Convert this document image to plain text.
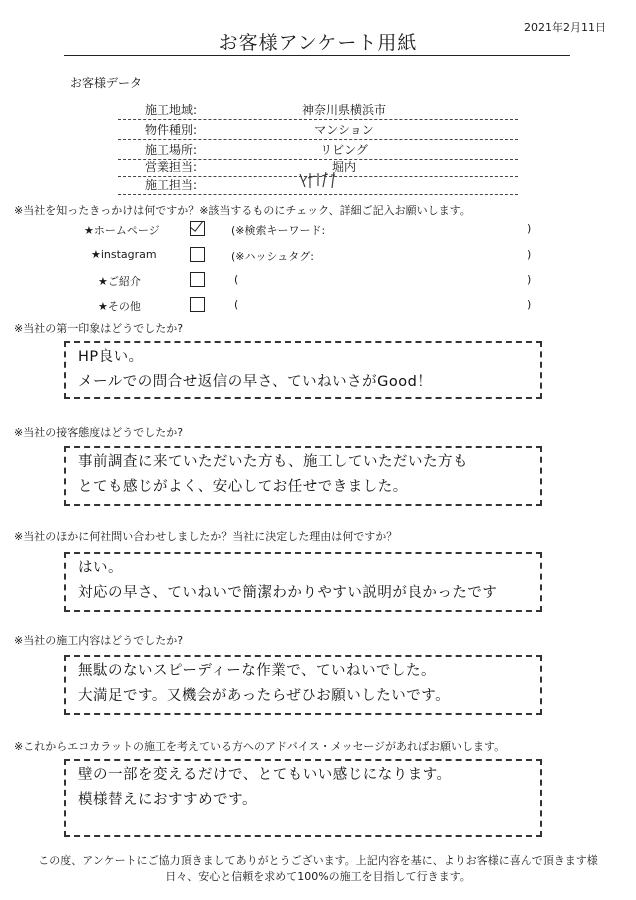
2021年2月11日
お客様アンケート用紙
お客様データ
施工地域:	神奈川県横浜市
物件種別:	マンション
施工場所:	リビング
営業担当:	堀内
施工担当:
※当社を知ったきっかけは何ですか？※該当するものにチェック、詳細ご記入お願いします。
★ホームページ	(※検索キーワード:	)
★instagram	(※ハッシュタグ:	)
★ご紹介	(	)
★その他	(	)
※当社の第一印象はどうでしたか?
HP良い。
メールでの問合せ返信の早さ、ていねいさがGood！
※当社の接客態度はどうでしたか?
事前調査に来ていただいた方も、施工していただいた方も
とても感じがよく、安心してお任せできました。
※当社のほかに何社問い合わせしましたか？当社に決定した理由は何ですか？
はい。
対応の早さ、ていねいで簡潔わかりやすい説明が良かったです
※当社の施工内容はどうでしたか?
無駄のないスピーディーな作業で、ていねいでした。
大満足です。又機会があったらぜひお願いしたいです。
※これからエコカラットの施工を考えている方へのアドバイス・メッセージがあればお願いします。
壁の一部を変えるだけで、とてもいい感じになります。
模様替えにおすすめです。
この度、アンケートにご協力頂きましてありがとうございます。上記内容を基に、よりお客様に喜んで頂きます様
日々、安心と信頼を求めて100%の施工を目指して行きます。
